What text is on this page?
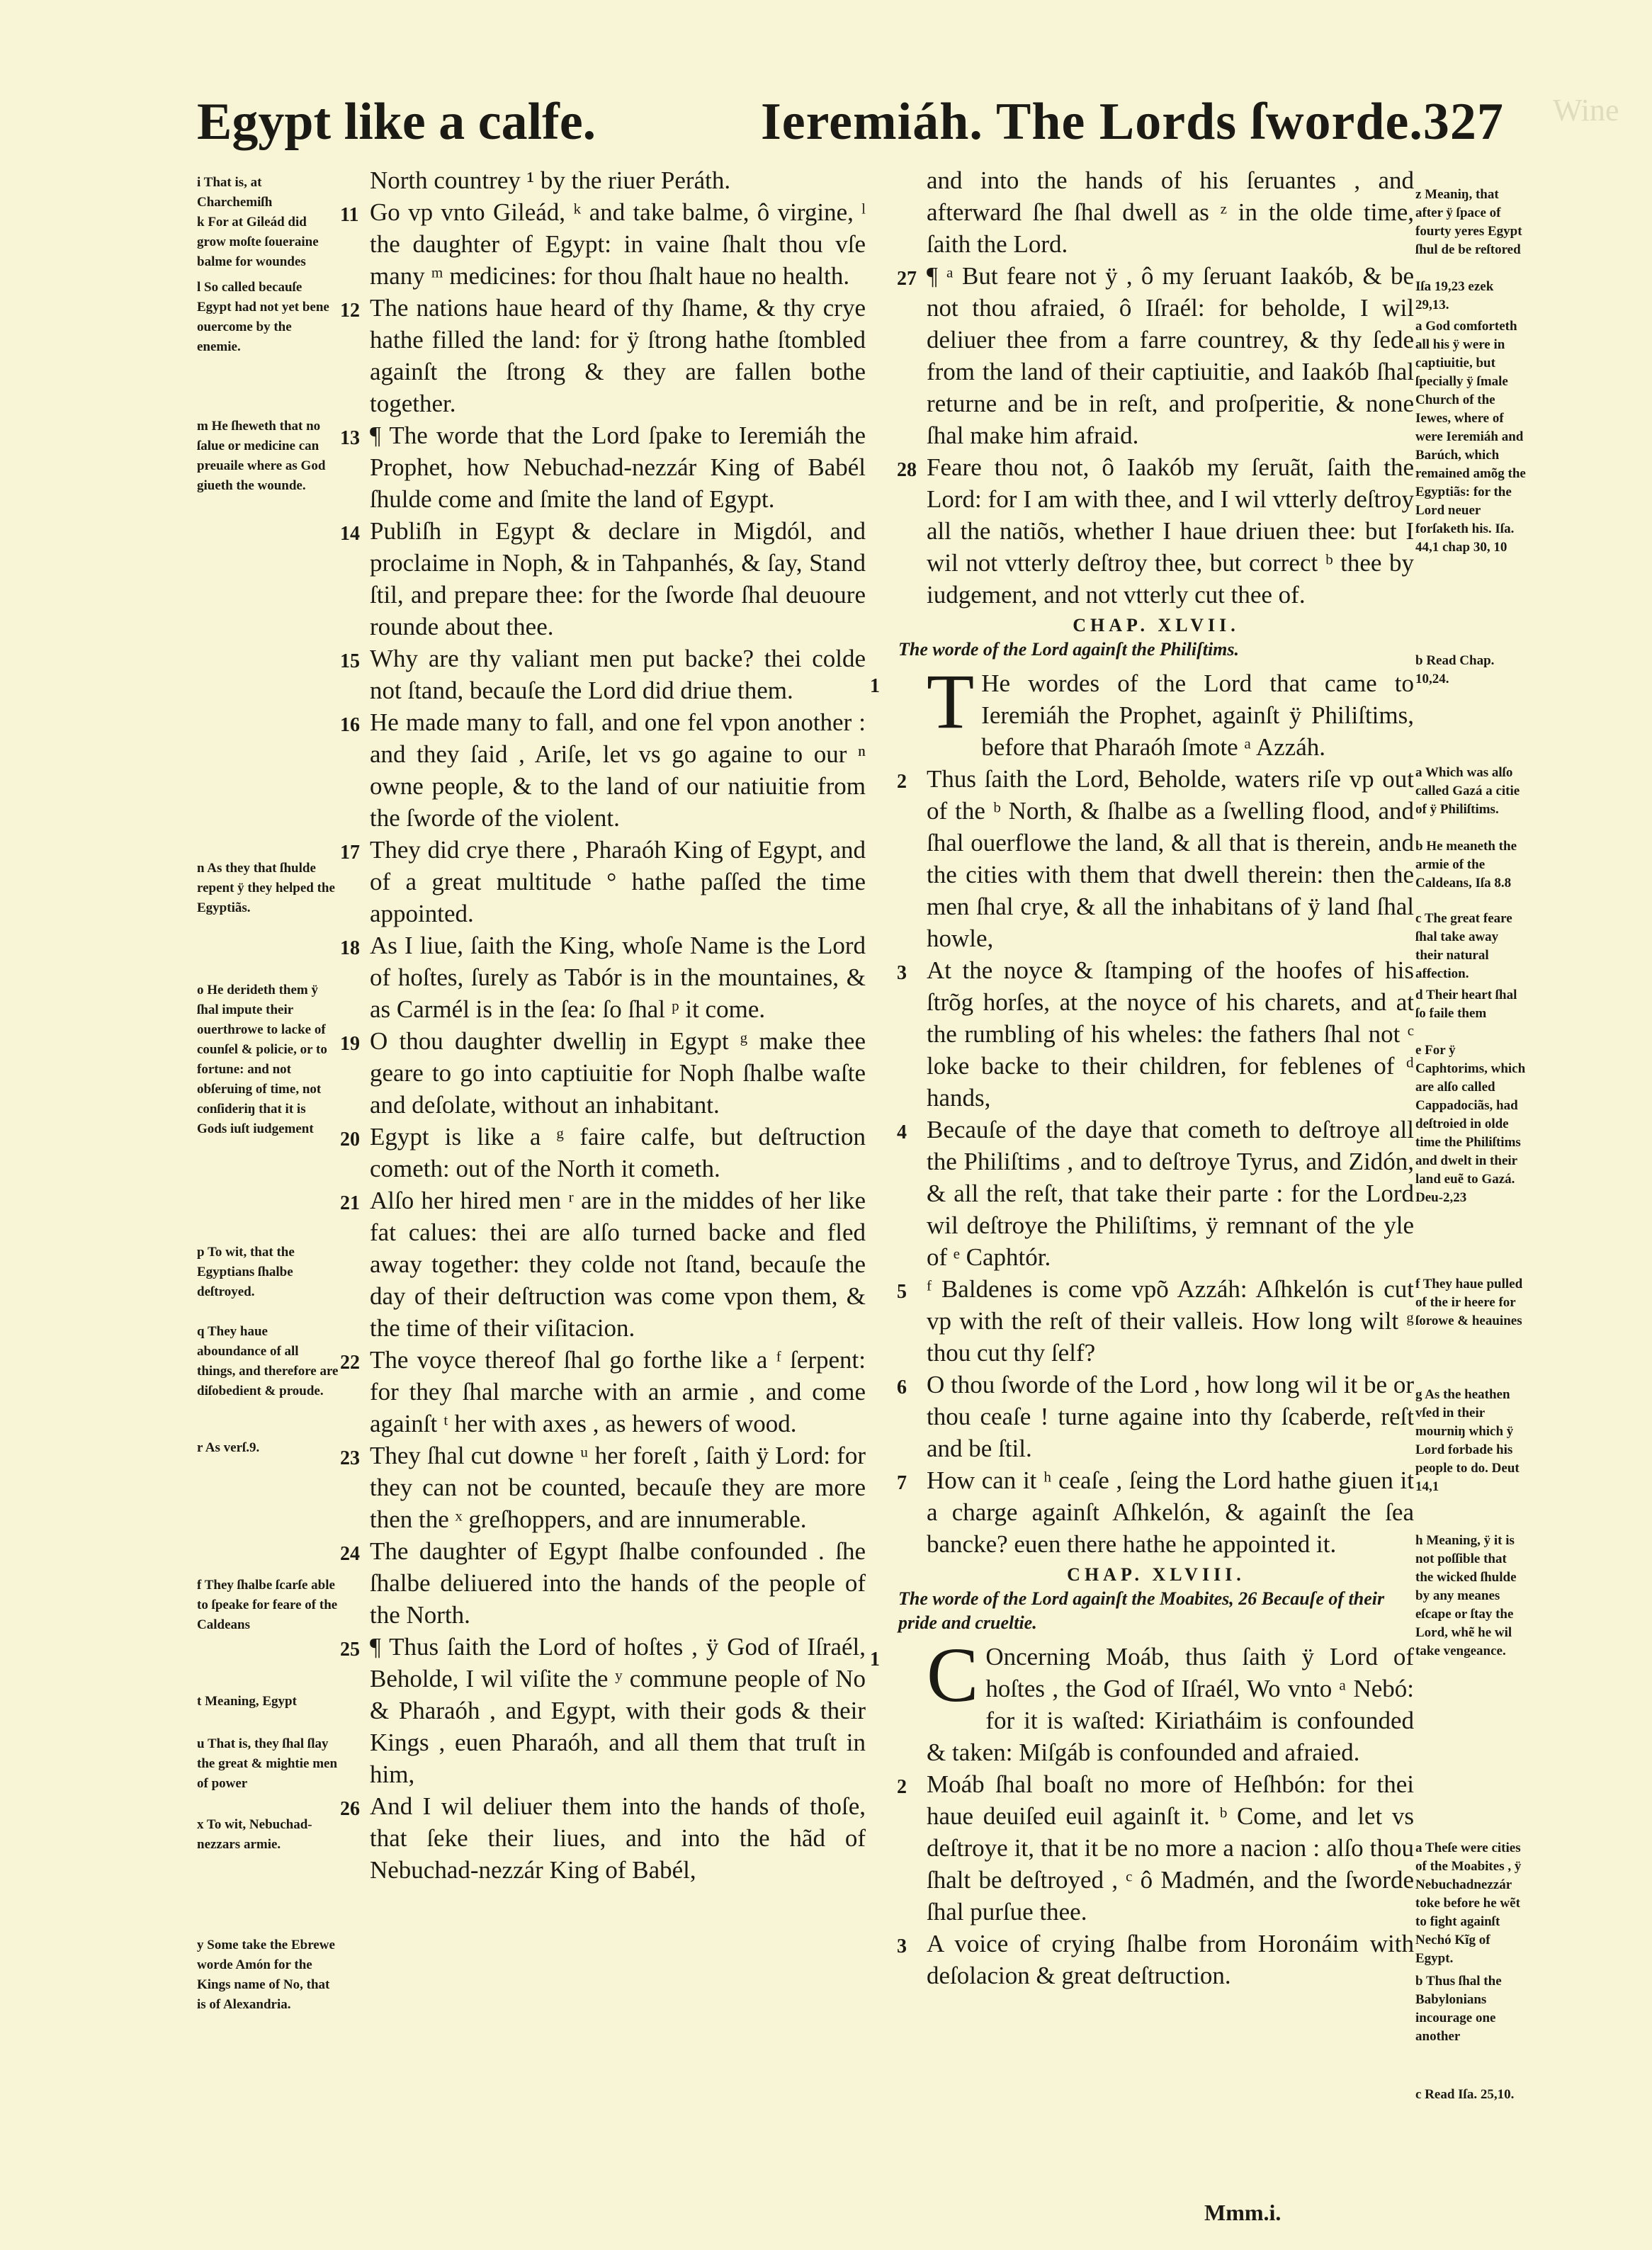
Wine
Egypt like a calfe.	Ieremiáh. The Lords ſworde.327
i That is, at Charchemiſh
k For at Gileád did grow moſte ſoueraine balme for woundes
l So called becauſe Egypt had not yet bene ouercome by the enemie.
m He ſheweth that no ſalue or medicine can preuaile where as God giueth the wounde.
n As they that ſhulde repent ÿ they helped the Egyptiãs.
o He derideth them ÿ ſhal impute their ouerthrowe to lacke of counſel & policie, or to fortune: and not obſeruing of time, not conſideriŋ that it is Gods iuſt iudgement
p To wit, that the Egyptians ſhalbe deſtroyed.
q They haue aboundance of all things, and therefore are diſobedient & proude.
r As verſ.9.
f They ſhalbe ſcarſe able to ſpeake for feare of the Caldeans
t Meaning, Egypt
u That is, they ſhal ſlay the great & mightie men of power
x To wit, Nebuchad-nezzars armie.
y Some take the Ebrewe worde Amón for the Kings name of No, that is of Alexandria.

North countrey ¹ by the riuer Peráth.

11 Go vp vnto Gileád, ᵏ and take balme, ô virgine, ˡ the daughter of Egypt: in vaine ſhalt thou vſe many ᵐ medicines: for thou ſhalt haue no health.

12 The nations haue heard of thy ſhame, & thy crye hathe filled the land: for ÿ ſtrong hathe ſtombled againſt the ſtrong & they are fallen bothe together.

13 ¶ The worde that the Lord ſpake to Ieremiáh the Prophet, how Nebuchad-nezzár King of Babél ſhulde come and ſmite the land of Egypt.

14 Publiſh in Egypt & declare in Migdól, and proclaime in Noph, & in Tahpanhés, & ſay, Stand ſtil, and prepare thee: for the ſworde ſhal deuoure rounde about thee.

15 Why are thy valiant men put backe? thei colde not ſtand, becauſe the Lord did driue them.

16 He made many to fall, and one fel vpon another : and they ſaid , Ariſe, let vs go againe to our ⁿ owne people, & to the land of our natiuitie from the ſworde of the violent.

17 They did crye there , Pharaóh King of Egypt, and of a great multitude ° hathe paſſed the time appointed.

18 As I liue, ſaith the King, whoſe Name is the Lord of hoſtes, ſurely as Tabór is in the mountaines, & as Carmél is in the ſea: ſo ſhal ᵖ it come.

19 O thou daughter dwelliŋ in Egypt ᵍ make thee geare to go into captiuitie for Noph ſhalbe waſte and deſolate, without an inhabitant.

20 Egypt is like a ᵍ faire calfe, but deſtruction cometh: out of the North it cometh.

21 Alſo her hired men ʳ are in the middes of her like fat calues: thei are alſo turned backe and fled away together: they colde not ſtand, becauſe the day of their deſtruction was come vpon them, & the time of their viſitacion.

22 The voyce thereof ſhal go forthe like a ᶠ ſerpent: for they ſhal marche with an armie , and come againſt ᵗ her with axes , as hewers of wood.

23 They ſhal cut downe ᵘ her foreſt , ſaith ÿ Lord: for they can not be counted, becauſe they are more then the ˣ greſhoppers, and are innumerable.

24 The daughter of Egypt ſhalbe confounded . ſhe ſhalbe deliuered into the hands of the people of the North.

25 ¶ Thus ſaith the Lord of hoſtes , ÿ God of Iſraél, Beholde, I wil viſite the ʸ commune people of No & Pharaóh , and Egypt, with their gods & their Kings , euen Pharaóh, and all them that truſt in him,

26 And I wil deliuer them into the hands of thoſe, that ſeke their liues, and into the hãd of Nebuchad-nezzár King of Babél,

and into the hands of his ſeruantes , and afterward ſhe ſhal dwell as ᶻ in the olde time, ſaith the Lord.

27 ¶ ᵃ But feare not ÿ , ô my ſeruant Iaakób, & be not thou afraied, ô Iſraél: for beholde, I wil deliuer thee from a farre countrey, & thy ſede from the land of their captiuitie, and Iaakób ſhal returne and be in reſt, and proſperitie, & none ſhal make him afraid.

28 Feare thou not, ô Iaakób my ſeruãt, ſaith the Lord: for I am with thee, and I wil vtterly deſtroy all the natiõs, whether I haue driuen thee: but I wil not vtterly deſtroy thee, but correct ᵇ thee by iudgement, and not vtterly cut thee of.

CHAP. XLVII.
The worde of the Lord againſt the Philiſtims.

1 T He wordes of the Lord that came to Ieremiáh the Prophet, againſt ÿ Philiſtims, before that Pharaóh ſmote ᵃ Azzáh.

2 Thus ſaith the Lord, Beholde, waters riſe vp out of the ᵇ North, & ſhalbe as a ſwelling flood, and ſhal ouerflowe the land, & all that is therein, and the cities with them that dwell therein: then the men ſhal crye, & all the inhabitans of ÿ land ſhal howle,

3 At the noyce & ſtamping of the hoofes of his ſtrõg horſes, at the noyce of his charets, and at the rumbling of his wheles: the fathers ſhal not ᶜ loke backe to their children, for feblenes of ᵈ hands,

4 Becauſe of the daye that cometh to deſtroye all the Philiſtims , and to deſtroye Tyrus, and Zidón, & all the reſt, that take their parte : for the Lord wil deſtroye the Philiſtims, ÿ remnant of the yle of ᵉ Caphtór.

5 ᶠ Baldenes is come vpõ Azzáh: Aſhkelón is cut vp with the reſt of their valleis. How long wilt ᵍ thou cut thy ſelf?

6 O thou ſworde of the Lord , how long wil it be or thou ceaſe ! turne againe into thy ſcaberde, reſt and be ſtil.

7 How can it ʰ ceaſe , ſeing the Lord hathe giuen it a charge againſt Aſhkelón, & againſt the ſea bancke? euen there hathe he appointed it.

CHAP. XLVIII.
The worde of the Lord againſt the Moabites, 26 Becauſe of their pride and crueltie.

1 C Oncerning Moáb, thus ſaith ÿ Lord of hoſtes , the God of Iſraél, Wo vnto ᵃ Nebó: for it is waſted: Kiriatháim is confounded & taken: Miſgáb is confounded and afraied.

2 Moáb ſhal boaſt no more of Heſhbón: for thei haue deuiſed euil againſt it. ᵇ Come, and let vs deſtroye it, that it be no more a nacion : alſo thou ſhalt be deſtroyed , ᶜ ô Madmén, and the ſworde ſhal purſue thee.

3 A voice of crying ſhalbe from Horonáim with deſolacion & great deſtruction.

z Meaniŋ, that after ÿ ſpace of fourty yeres Egypt ſhul de be reſtored
Iſa 19,23 ezek 29,13.
a God comforteth all his ÿ were in captiuitie, but ſpecially ÿ ſmale Church of the Iewes, where of were Ieremiáh and Barúch, which remained amõg the Egyptiãs: for the Lord neuer forſaketh his. Iſa. 44,1 chap 30, 10
b Read Chap. 10,24.
a Which was alſo called Gazá a citie of ÿ Philiſtims.
b He meaneth the armie of the Caldeans, Iſa 8.8
c The great feare ſhal take away their natural affection.
d Their heart ſhal ſo faile them
e For ÿ Caphtorims, which are alſo called Cappadociãs, had deſtroied in olde time the Philiſtims and dwelt in their land euẽ to Gazá. Deu-2,23
f They haue pulled of the ir heere for ſorowe & heauines
g As the heathen vſed in their mourniŋ which ÿ Lord forbade his people to do. Deut 14,1
h Meaning, ÿ it is not poſſible that the wicked ſhulde by any meanes eſcape or ſtay the Lord, whẽ he wil take vengeance.
a Theſe were cities of the Moabites , ÿ Nebuchadnezzár toke before he wẽt to fight againſt Nechó Kĩg of Egypt.
b Thus ſhal the Babylonians incourage one another
c Read Iſa. 25,10.
Mmm.i.
